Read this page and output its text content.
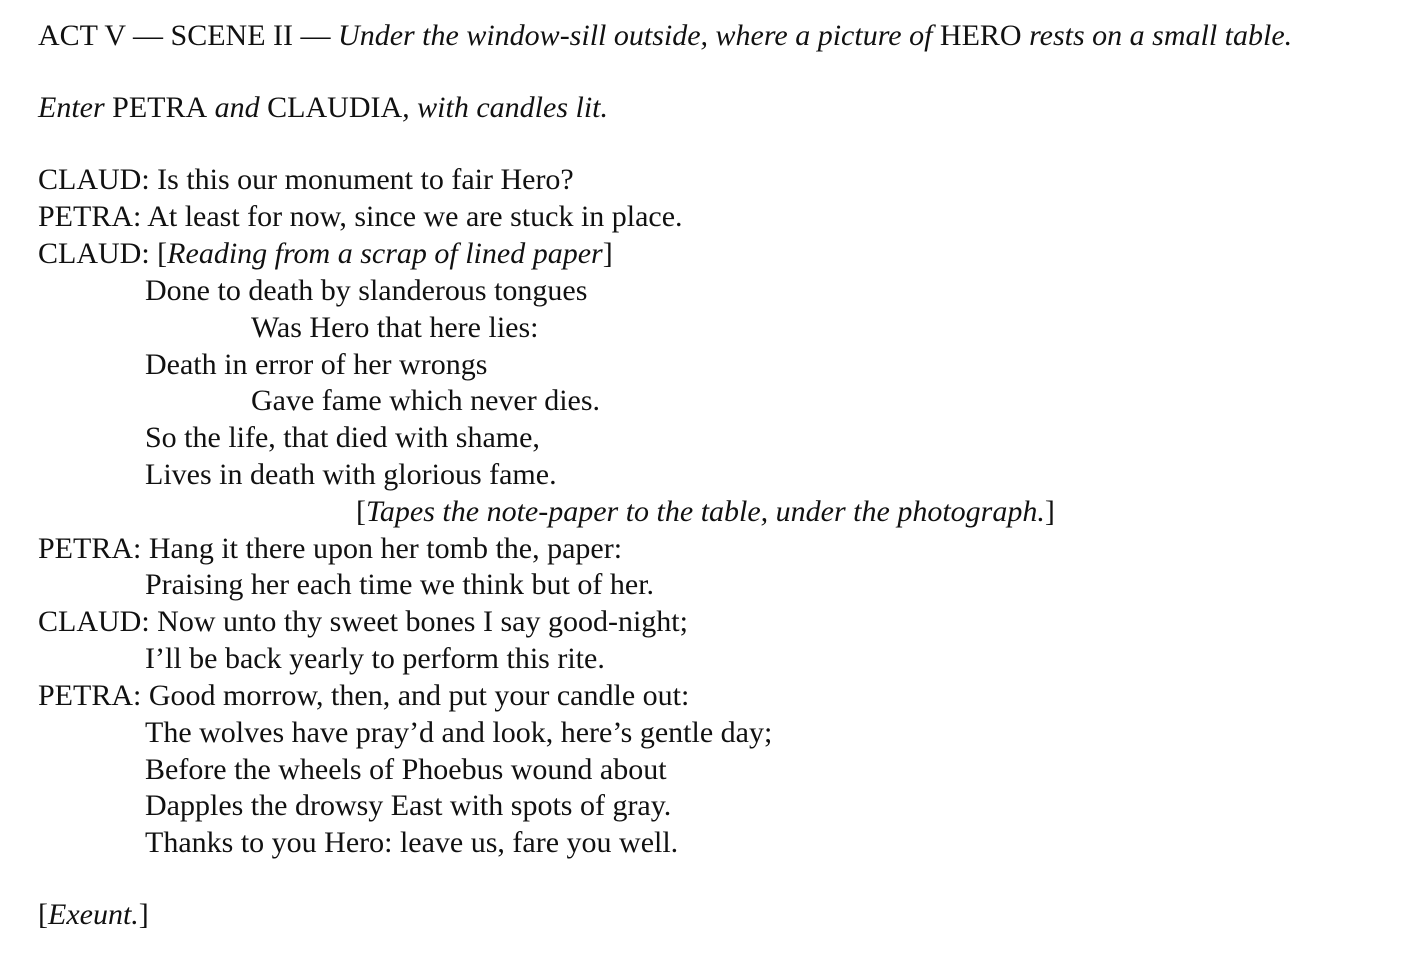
ACT V — SCENE II — Under the window-sill outside, where a picture of HERO rests on a small table.
Enter PETRA and CLAUDIA, with candles lit.
CLAUD: Is this our monument to fair Hero?
PETRA: At least for now, since we are stuck in place.
CLAUD: [Reading from a scrap of lined paper]
Done to death by slanderous tongues
Was Hero that here lies:
Death in error of her wrongs
Gave fame which never dies.
So the life, that died with shame,
Lives in death with glorious fame.
[Tapes the note-paper to the table, under the photograph.]
PETRA: Hang it there upon her tomb the, paper:
Praising her each time we think but of her.
CLAUD: Now unto thy sweet bones I say good-night;
I’ll be back yearly to perform this rite.
PETRA: Good morrow, then, and put your candle out:
The wolves have pray’d and look, here’s gentle day;
Before the wheels of Phoebus wound about
Dapples the drowsy East with spots of gray.
Thanks to you Hero: leave us, fare you well.
[Exeunt.]
